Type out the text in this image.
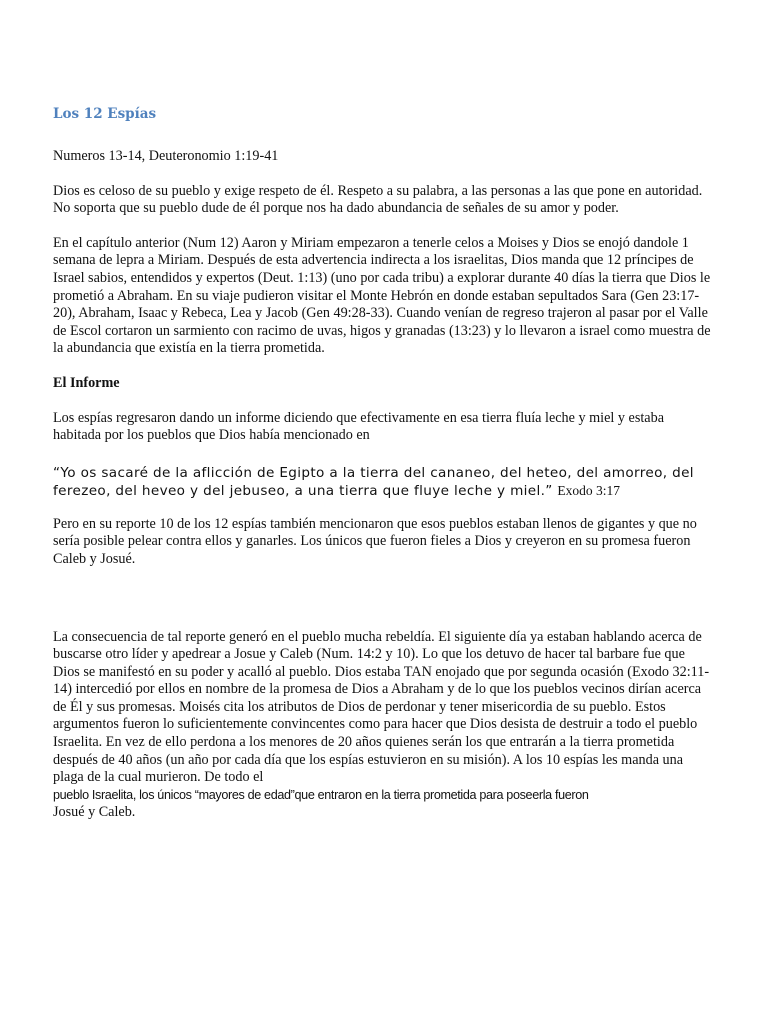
Los 12 Espías

Numeros 13-14, Deuteronomio 1:19-41

Dios es celoso de su pueblo y exige respeto de él. Respeto a su palabra, a las personas a las que pone en autoridad. No soporta que su pueblo dude de él porque nos ha dado abundancia de señales de su amor y poder.

En el capítulo anterior (Num 12) Aaron y Miriam empezaron a tenerle celos a Moises y Dios se enojó dandole 1 semana de lepra a Miriam. Después de esta advertencia indirecta a los israelitas, Dios manda que 12 príncipes de Israel sabios, entendidos y expertos (Deut. 1:13) (uno por cada tribu) a explorar durante 40 días la tierra que Dios le prometió a Abraham. En su viaje pudieron visitar el Monte Hebrón en donde estaban sepultados Sara (Gen 23:17-20), Abraham, Isaac y Rebeca, Lea y Jacob (Gen 49:28-33). Cuando venían de regreso trajeron al pasar por el Valle de Escol cortaron un sarmiento con racimo de uvas, higos y granadas (13:23) y lo llevaron a israel como muestra de la abundancia que existía en la tierra prometida.

El Informe

Los espías regresaron dando un informe diciendo que efectivamente en esa tierra fluía leche y miel y estaba habitada por los pueblos que Dios había mencionado en

“Yo os sacaré de la aflicción de Egipto a la tierra del cananeo, del heteo, del amorreo, del ferezeo, del heveo y del jebuseo, a una tierra que fluye leche y miel.” Exodo 3:17

Pero en su reporte 10 de los 12 espías también mencionaron que esos pueblos estaban llenos de gigantes y que no sería posible pelear contra ellos y ganarles. Los únicos que fueron fieles a Dios y creyeron en su promesa fueron Caleb y Josué.

La consecuencia de tal reporte generó en el pueblo mucha rebeldía. El siguiente día ya estaban hablando acerca de buscarse otro líder y apedrear a Josue y Caleb (Num. 14:2 y 10). Lo que los detuvo de hacer tal barbare fue que Dios se manifestó en su poder y acalló al pueblo. Dios estaba TAN enojado que por segunda ocasión (Exodo 32:11-14) intercedió por ellos en nombre de la promesa de Dios a Abraham y de lo que los pueblos vecinos dirían acerca de Él y sus promesas. Moisés cita los atributos de Dios de perdonar y tener misericordia de su pueblo. Estos argumentos fueron lo suficientemente convincentes como para hacer que Dios desista de destruir a todo el pueblo Israelita. En vez de ello perdona a los menores de 20 años quienes serán los que entrarán a la tierra prometida después de 40 años (un año por cada día que los espías estuvieron en su misión). A los 10 espías les manda una plaga de la cual murieron. De todo el
pueblo Israelita, los únicos “mayores de edad”que entraron en la tierra prometida para poseerla fueron
Josué y Caleb.
